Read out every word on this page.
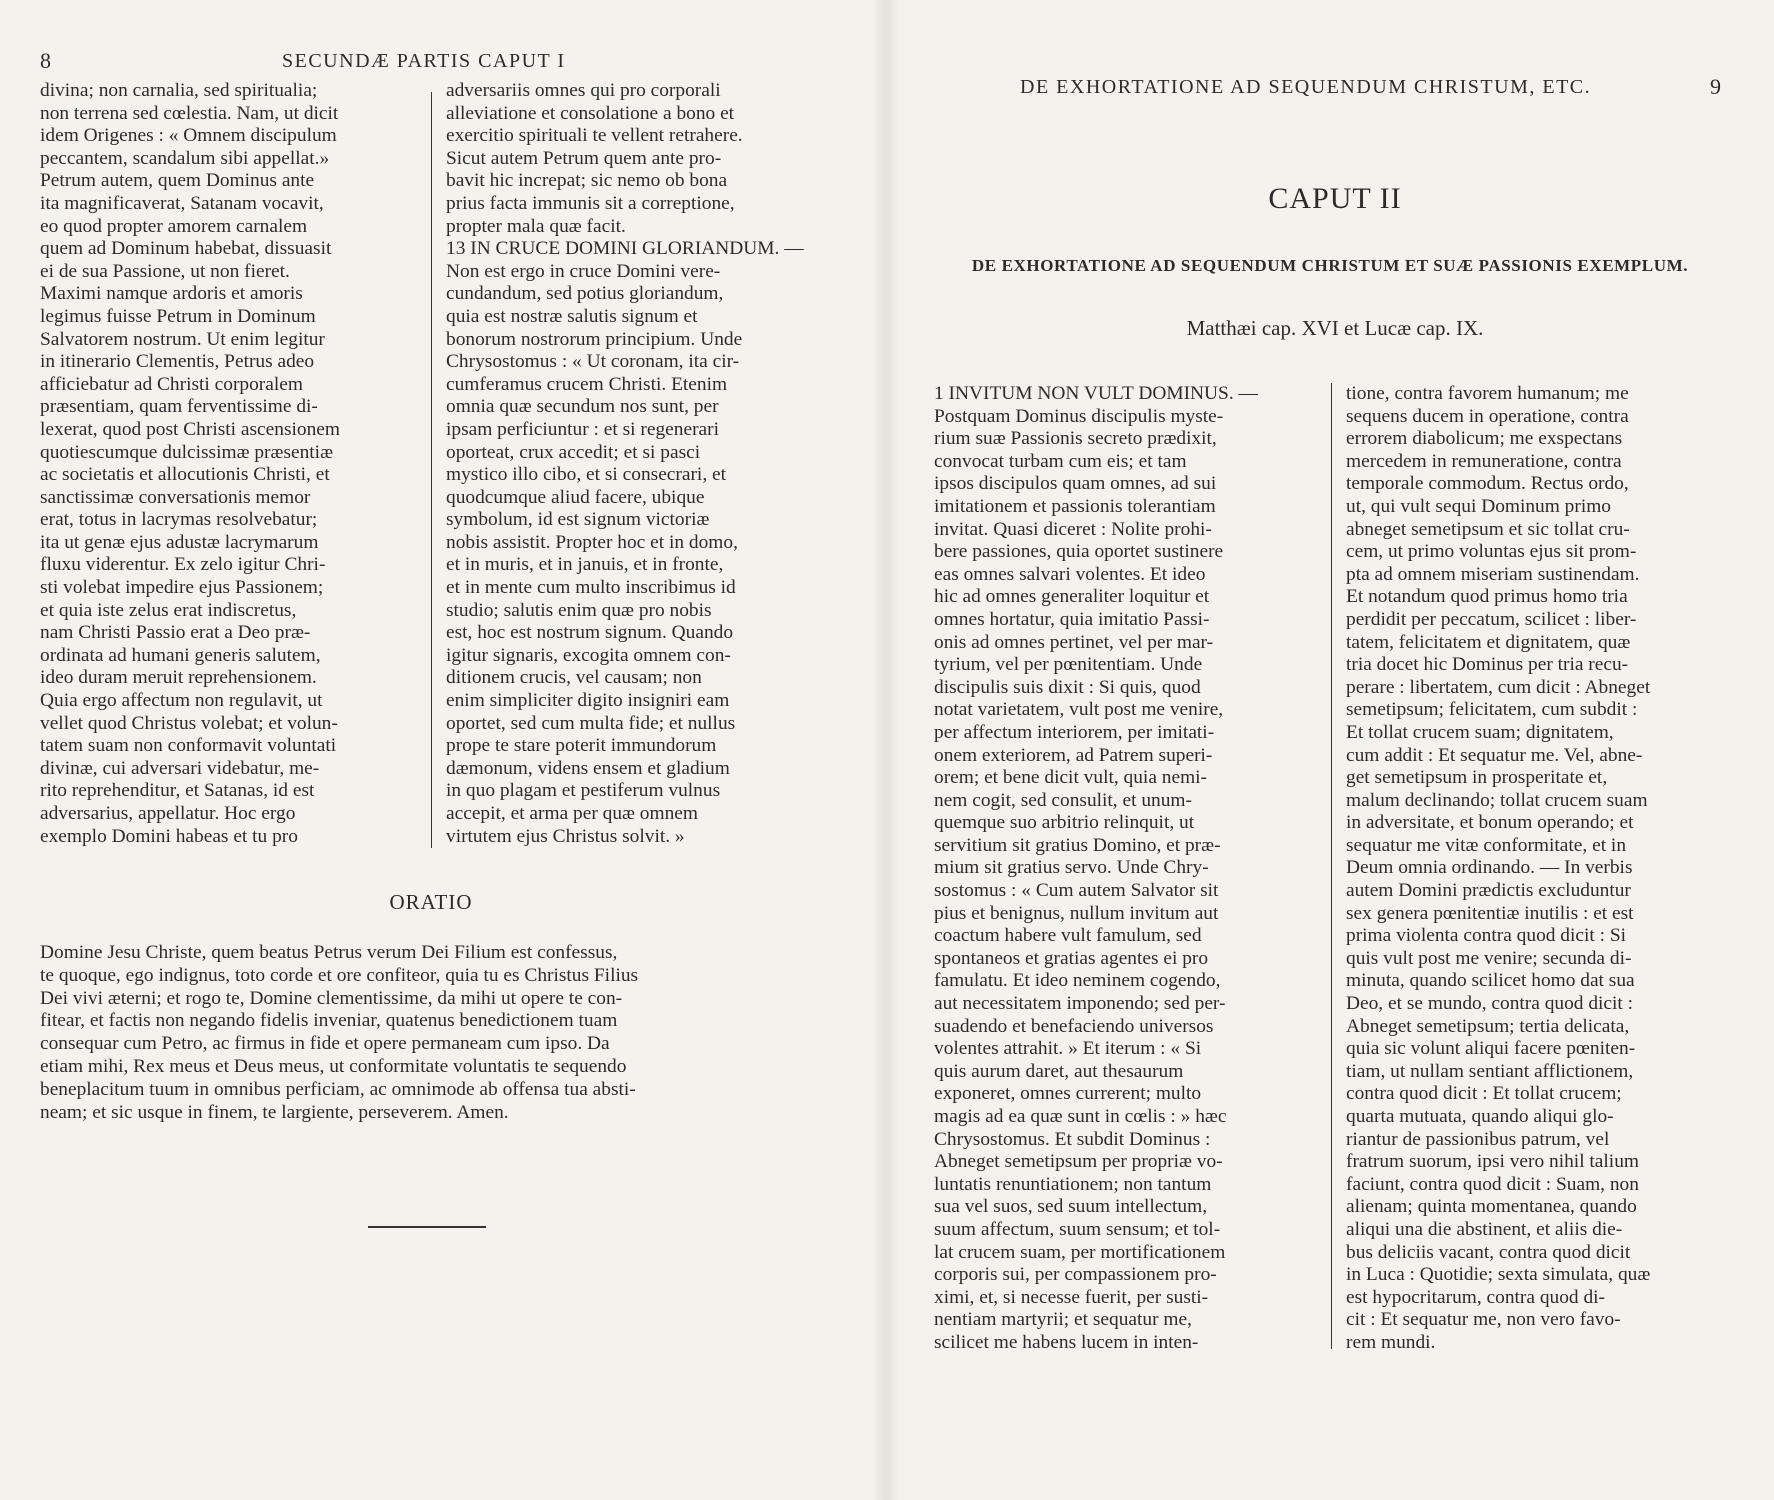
8	SECUNDÆ PARTIS CAPUT I
divina; non carnalia, sed spiritualia;
non terrena sed cœlestia. Nam, ut dicit
idem Origenes : « Omnem discipulum
peccantem, scandalum sibi appellat.»
Petrum autem, quem Dominus ante
ita magnificaverat, Satanam vocavit,
eo quod propter amorem carnalem
quem ad Dominum habebat, dissuasit
ei de sua Passione, ut non fieret.
Maximi namque ardoris et amoris
legimus fuisse Petrum in Dominum
Salvatorem nostrum. Ut enim legitur
in itinerario Clementis, Petrus adeo
afficiebatur ad Christi corporalem
præsentiam, quam ferventissime di-
lexerat, quod post Christi ascensionem
quotiescumque dulcissimæ præsentiæ
ac societatis et allocutionis Christi, et
sanctissimæ conversationis memor
erat, totus in lacrymas resolvebatur;
ita ut genæ ejus adustæ lacrymarum
fluxu viderentur. Ex zelo igitur Chri-
sti volebat impedire ejus Passionem;
et quia iste zelus erat indiscretus,
nam Christi Passio erat a Deo præ-
ordinata ad humani generis salutem,
ideo duram meruit reprehensionem.
Quia ergo affectum non regulavit, ut
vellet quod Christus volebat; et volun-
tatem suam non conformavit voluntati
divinæ, cui adversari videbatur, me-
rito reprehenditur, et Satanas, id est
adversarius, appellatur. Hoc ergo
exemplo Domini habeas et tu pro
adversariis omnes qui pro corporali
alleviatione et consolatione a bono et
exercitio spirituali te vellent retrahere.
Sicut autem Petrum quem ante pro-
bavit hic increpat; sic nemo ob bona
prius facta immunis sit a correptione,
propter mala quæ facit.
13 IN CRUCE DOMINI GLORIANDUM. —
Non est ergo in cruce Domini vere-
cundandum, sed potius gloriandum,
quia est nostræ salutis signum et
bonorum nostrorum principium. Unde
Chrysostomus : « Ut coronam, ita cir-
cumferamus crucem Christi. Etenim
omnia quæ secundum nos sunt, per
ipsam perficiuntur : et si regenerari
oporteat, crux accedit; et si pasci
mystico illo cibo, et si consecrari, et
quodcumque aliud facere, ubique
symbolum, id est signum victoriæ
nobis assistit. Propter hoc et in domo,
et in muris, et in januis, et in fronte,
et in mente cum multo inscribimus id
studio; salutis enim quæ pro nobis
est, hoc est nostrum signum. Quando
igitur signaris, excogita omnem con-
ditionem crucis, vel causam; non
enim simpliciter digito insigniri eam
oportet, sed cum multa fide; et nullus
prope te stare poterit immundorum
dæmonum, videns ensem et gladium
in quo plagam et pestiferum vulnus
accepit, et arma per quæ omnem
virtutem ejus Christus solvit. »
ORATIO
Domine Jesu Christe, quem beatus Petrus verum Dei Filium est confessus,
te quoque, ego indignus, toto corde et ore confiteor, quia tu es Christus Filius
Dei vivi æterni; et rogo te, Domine clementissime, da mihi ut opere te con-
fitear, et factis non negando fidelis inveniar, quatenus benedictionem tuam
consequar cum Petro, ac firmus in fide et opere permaneam cum ipso. Da
etiam mihi, Rex meus et Deus meus, ut conformitate voluntatis te sequendo
beneplacitum tuum in omnibus perficiam, ac omnimode ab offensa tua absti-
neam; et sic usque in finem, te largiente, perseverem. Amen.
DE EXHORTATIONE AD SEQUENDUM CHRISTUM, ETC.	9
CAPUT II
DE EXHORTATIONE AD SEQUENDUM CHRISTUM ET SUÆ PASSIONIS EXEMPLUM.
Matthæi cap. XVI et Lucæ cap. IX.
1 INVITUM NON VULT DOMINUS. —
Postquam Dominus discipulis myste-
rium suæ Passionis secreto prædixit,
convocat turbam cum eis; et tam
ipsos discipulos quam omnes, ad sui
imitationem et passionis tolerantiam
invitat. Quasi diceret : Nolite prohi-
bere passiones, quia oportet sustinere
eas omnes salvari volentes. Et ideo
hic ad omnes generaliter loquitur et
omnes hortatur, quia imitatio Passi-
onis ad omnes pertinet, vel per mar-
tyrium, vel per pœnitentiam. Unde
discipulis suis dixit : Si quis, quod
notat varietatem, vult post me venire,
per affectum interiorem, per imitati-
onem exteriorem, ad Patrem superi-
orem; et bene dicit vult, quia nemi-
nem cogit, sed consulit, et unum-
quemque suo arbitrio relinquit, ut
servitium sit gratius Domino, et præ-
mium sit gratius servo. Unde Chry-
sostomus : « Cum autem Salvator sit
pius et benignus, nullum invitum aut
coactum habere vult famulum, sed
spontaneos et gratias agentes ei pro
famulatu. Et ideo neminem cogendo,
aut necessitatem imponendo; sed per-
suadendo et benefaciendo universos
volentes attrahit. » Et iterum : « Si
quis aurum daret, aut thesaurum
exponeret, omnes currerent; multo
magis ad ea quæ sunt in cœlis : » hæc
Chrysostomus. Et subdit Dominus :
Abneget semetipsum per propriæ vo-
luntatis renuntiationem; non tantum
sua vel suos, sed suum intellectum,
suum affectum, suum sensum; et tol-
lat crucem suam, per mortificationem
corporis sui, per compassionem pro-
ximi, et, si necesse fuerit, per susti-
nentiam martyrii; et sequatur me,
scilicet me habens lucem in inten-
tione, contra favorem humanum; me
sequens ducem in operatione, contra
errorem diabolicum; me exspectans
mercedem in remuneratione, contra
temporale commodum. Rectus ordo,
ut, qui vult sequi Dominum primo
abneget semetipsum et sic tollat cru-
cem, ut primo voluntas ejus sit prom-
pta ad omnem miseriam sustinendam.
Et notandum quod primus homo tria
perdidit per peccatum, scilicet : liber-
tatem, felicitatem et dignitatem, quæ
tria docet hic Dominus per tria recu-
perare : libertatem, cum dicit : Abneget
semetipsum; felicitatem, cum subdit :
Et tollat crucem suam; dignitatem,
cum addit : Et sequatur me. Vel, abne-
get semetipsum in prosperitate et,
malum declinando; tollat crucem suam
in adversitate, et bonum operando; et
sequatur me vitæ conformitate, et in
Deum omnia ordinando. — In verbis
autem Domini prædictis excluduntur
sex genera pœnitentiæ inutilis : et est
prima violenta contra quod dicit : Si
quis vult post me venire; secunda di-
minuta, quando scilicet homo dat sua
Deo, et se mundo, contra quod dicit :
Abneget semetipsum; tertia delicata,
quia sic volunt aliqui facere pœniten-
tiam, ut nullam sentiant afflictionem,
contra quod dicit : Et tollat crucem;
quarta mutuata, quando aliqui glo-
riantur de passionibus patrum, vel
fratrum suorum, ipsi vero nihil talium
faciunt, contra quod dicit : Suam, non
alienam; quinta momentanea, quando
aliqui una die abstinent, et aliis die-
bus deliciis vacant, contra quod dicit
in Luca : Quotidie; sexta simulata, quæ
est hypocritarum, contra quod di-
cit : Et sequatur me, non vero favo-
rem mundi.
